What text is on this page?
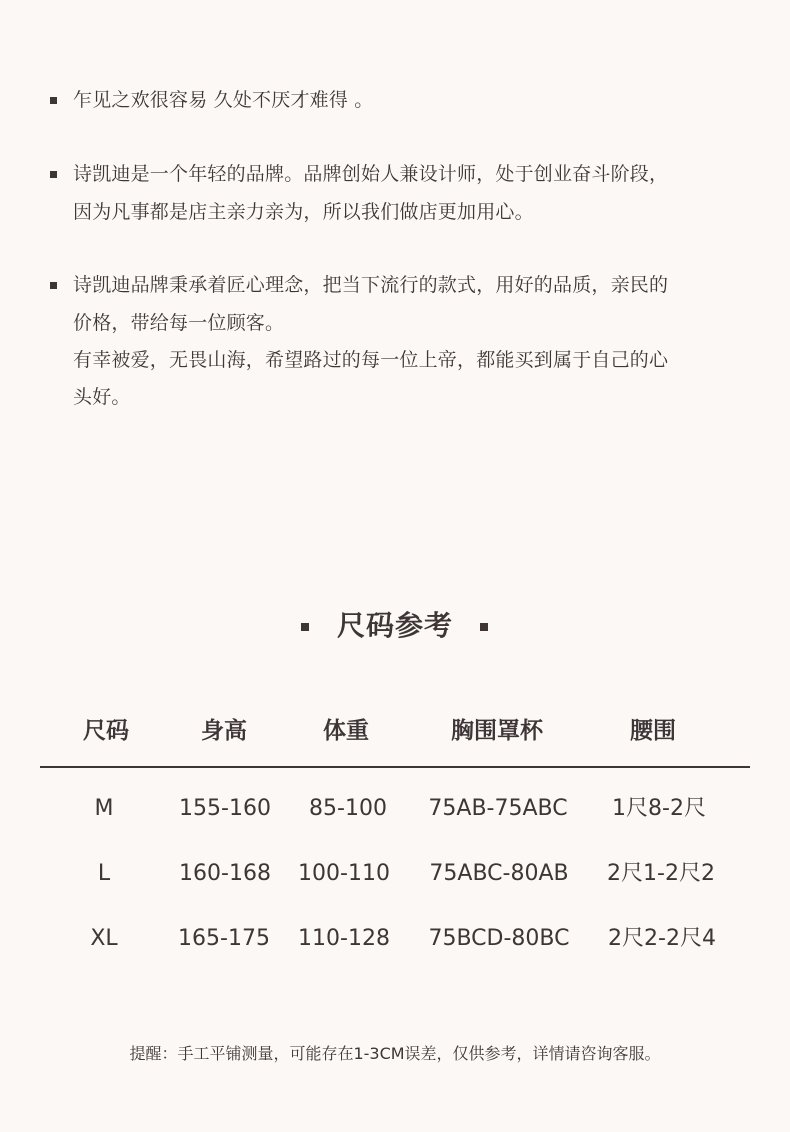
乍见之欢很容易 久处不厌才难得 。
诗凯迪是一个年轻的品牌。品牌创始人兼设计师，处于创业奋斗阶段，
因为凡事都是店主亲力亲为，所以我们做店更加用心。
诗凯迪品牌秉承着匠心理念，把当下流行的款式，用好的品质，亲民的
价格，带给每一位顾客。
有幸被爱，无畏山海，希望路过的每一位上帝，都能买到属于自己的心
头好。
尺码参考
尺码	身高	体重	胸围罩杯	腰围
M	155-160	85-100	75AB-75ABC	1尺8-2尺
L	160-168	100-110	75ABC-80AB	2尺1-2尺2
XL	165-175	110-128	75BCD-80BC	2尺2-2尺4
提醒：手工平铺测量，可能存在1-3CM误差，仅供参考，详情请咨询客服。
